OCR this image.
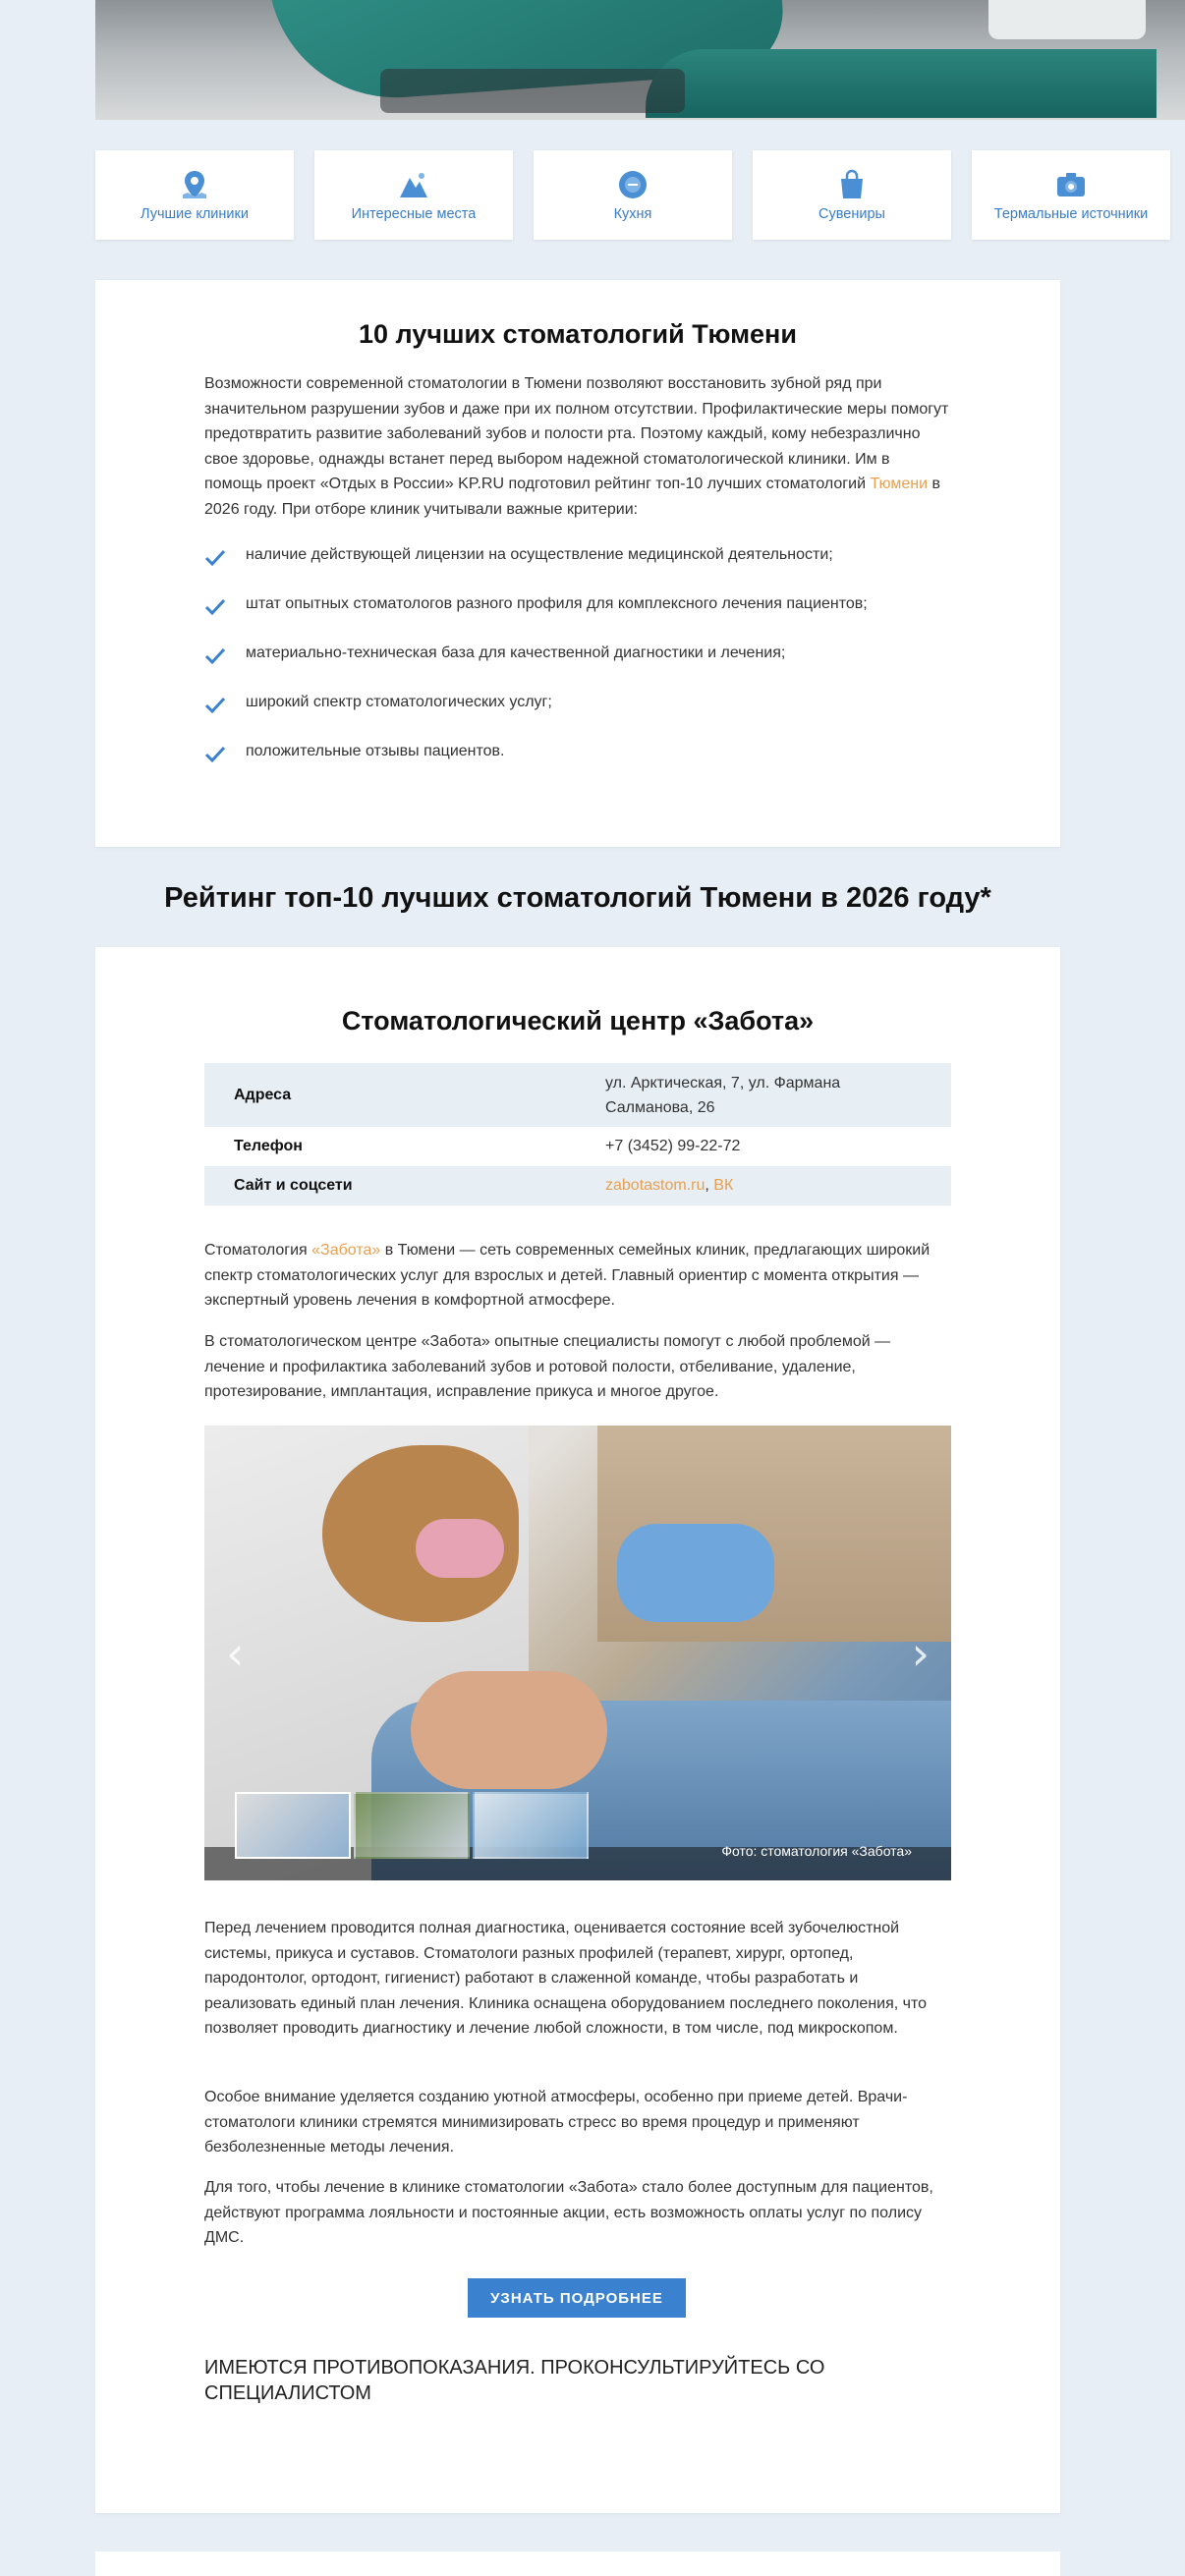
Лучшие клиники	Интересные места	Кухня	Сувениры	Термальные источники
10 лучших стоматологий Тюмени

Возможности современной стоматологии в Тюмени позволяют восстановить зубной ряд при значительном разрушении зубов и даже при их полном отсутствии. Профилактические меры помогут предотвратить развитие заболеваний зубов и полости рта. Поэтому каждый, кому небезразлично свое здоровье, однажды встанет перед выбором надежной стоматологической клиники. Им в помощь проект «Отдых в России» KP.RU подготовил рейтинг топ-10 лучших стоматологий Тюмени в 2026 году. При отборе клиник учитывали важные критерии:

наличие действующей лицензии на осуществление медицинской деятельности;
штат опытных стоматологов разного профиля для комплексного лечения пациентов;
материально-техническая база для качественной диагностики и лечения;
широкий спектр стоматологических услуг;
положительные отзывы пациентов.
Рейтинг топ-10 лучших стоматологий Тюмени в 2026 году*
Стоматологический центр «Забота»
Адреса	ул. Арктическая, 7, ул. Фармана
Салманова, 26
Телефон	+7 (3452) 99-22-72
Сайт и соцсети	zabotastom.ru, ВК

Стоматология «Забота» в Тюмени — сеть современных семейных клиник, предлагающих широкий спектр стоматологических услуг для взрослых и детей. Главный ориентир с момента открытия — экспертный уровень лечения в комфортной атмосфере.

В стоматологическом центре «Забота» опытные специалисты помогут с любой проблемой — лечение и профилактика заболеваний зубов и ротовой полости, отбеливание, удаление, протезирование, имплантация, исправление прикуса и многое другое.

‹	›
Фото: стоматология «Забота»

Перед лечением проводится полная диагностика, оценивается состояние всей зубочелюстной системы, прикуса и суставов. Стоматологи разных профилей (терапевт, хирург, ортопед, пародонтолог, ортодонт, гигиенист) работают в слаженной команде, чтобы разработать и реализовать единый план лечения. Клиника оснащена оборудованием последнего поколения, что позволяет проводить диагностику и лечение любой сложности, в том числе, под микроскопом.

Особое внимание уделяется созданию уютной атмосферы, особенно при приеме детей. Врачи-стоматологи клиники стремятся минимизировать стресс во время процедур и применяют безболезненные методы лечения.

Для того, чтобы лечение в клинике стоматологии «Забота» стало более доступным для пациентов, действуют программа лояльности и постоянные акции, есть возможность оплаты услуг по полису ДМС.

УЗНАТЬ ПОДРОБНЕЕ

ИМЕЮТСЯ ПРОТИВОПОКАЗАНИЯ. ПРОКОНСУЛЬТИРУЙТЕСЬ СО СПЕЦИАЛИСТОМ
